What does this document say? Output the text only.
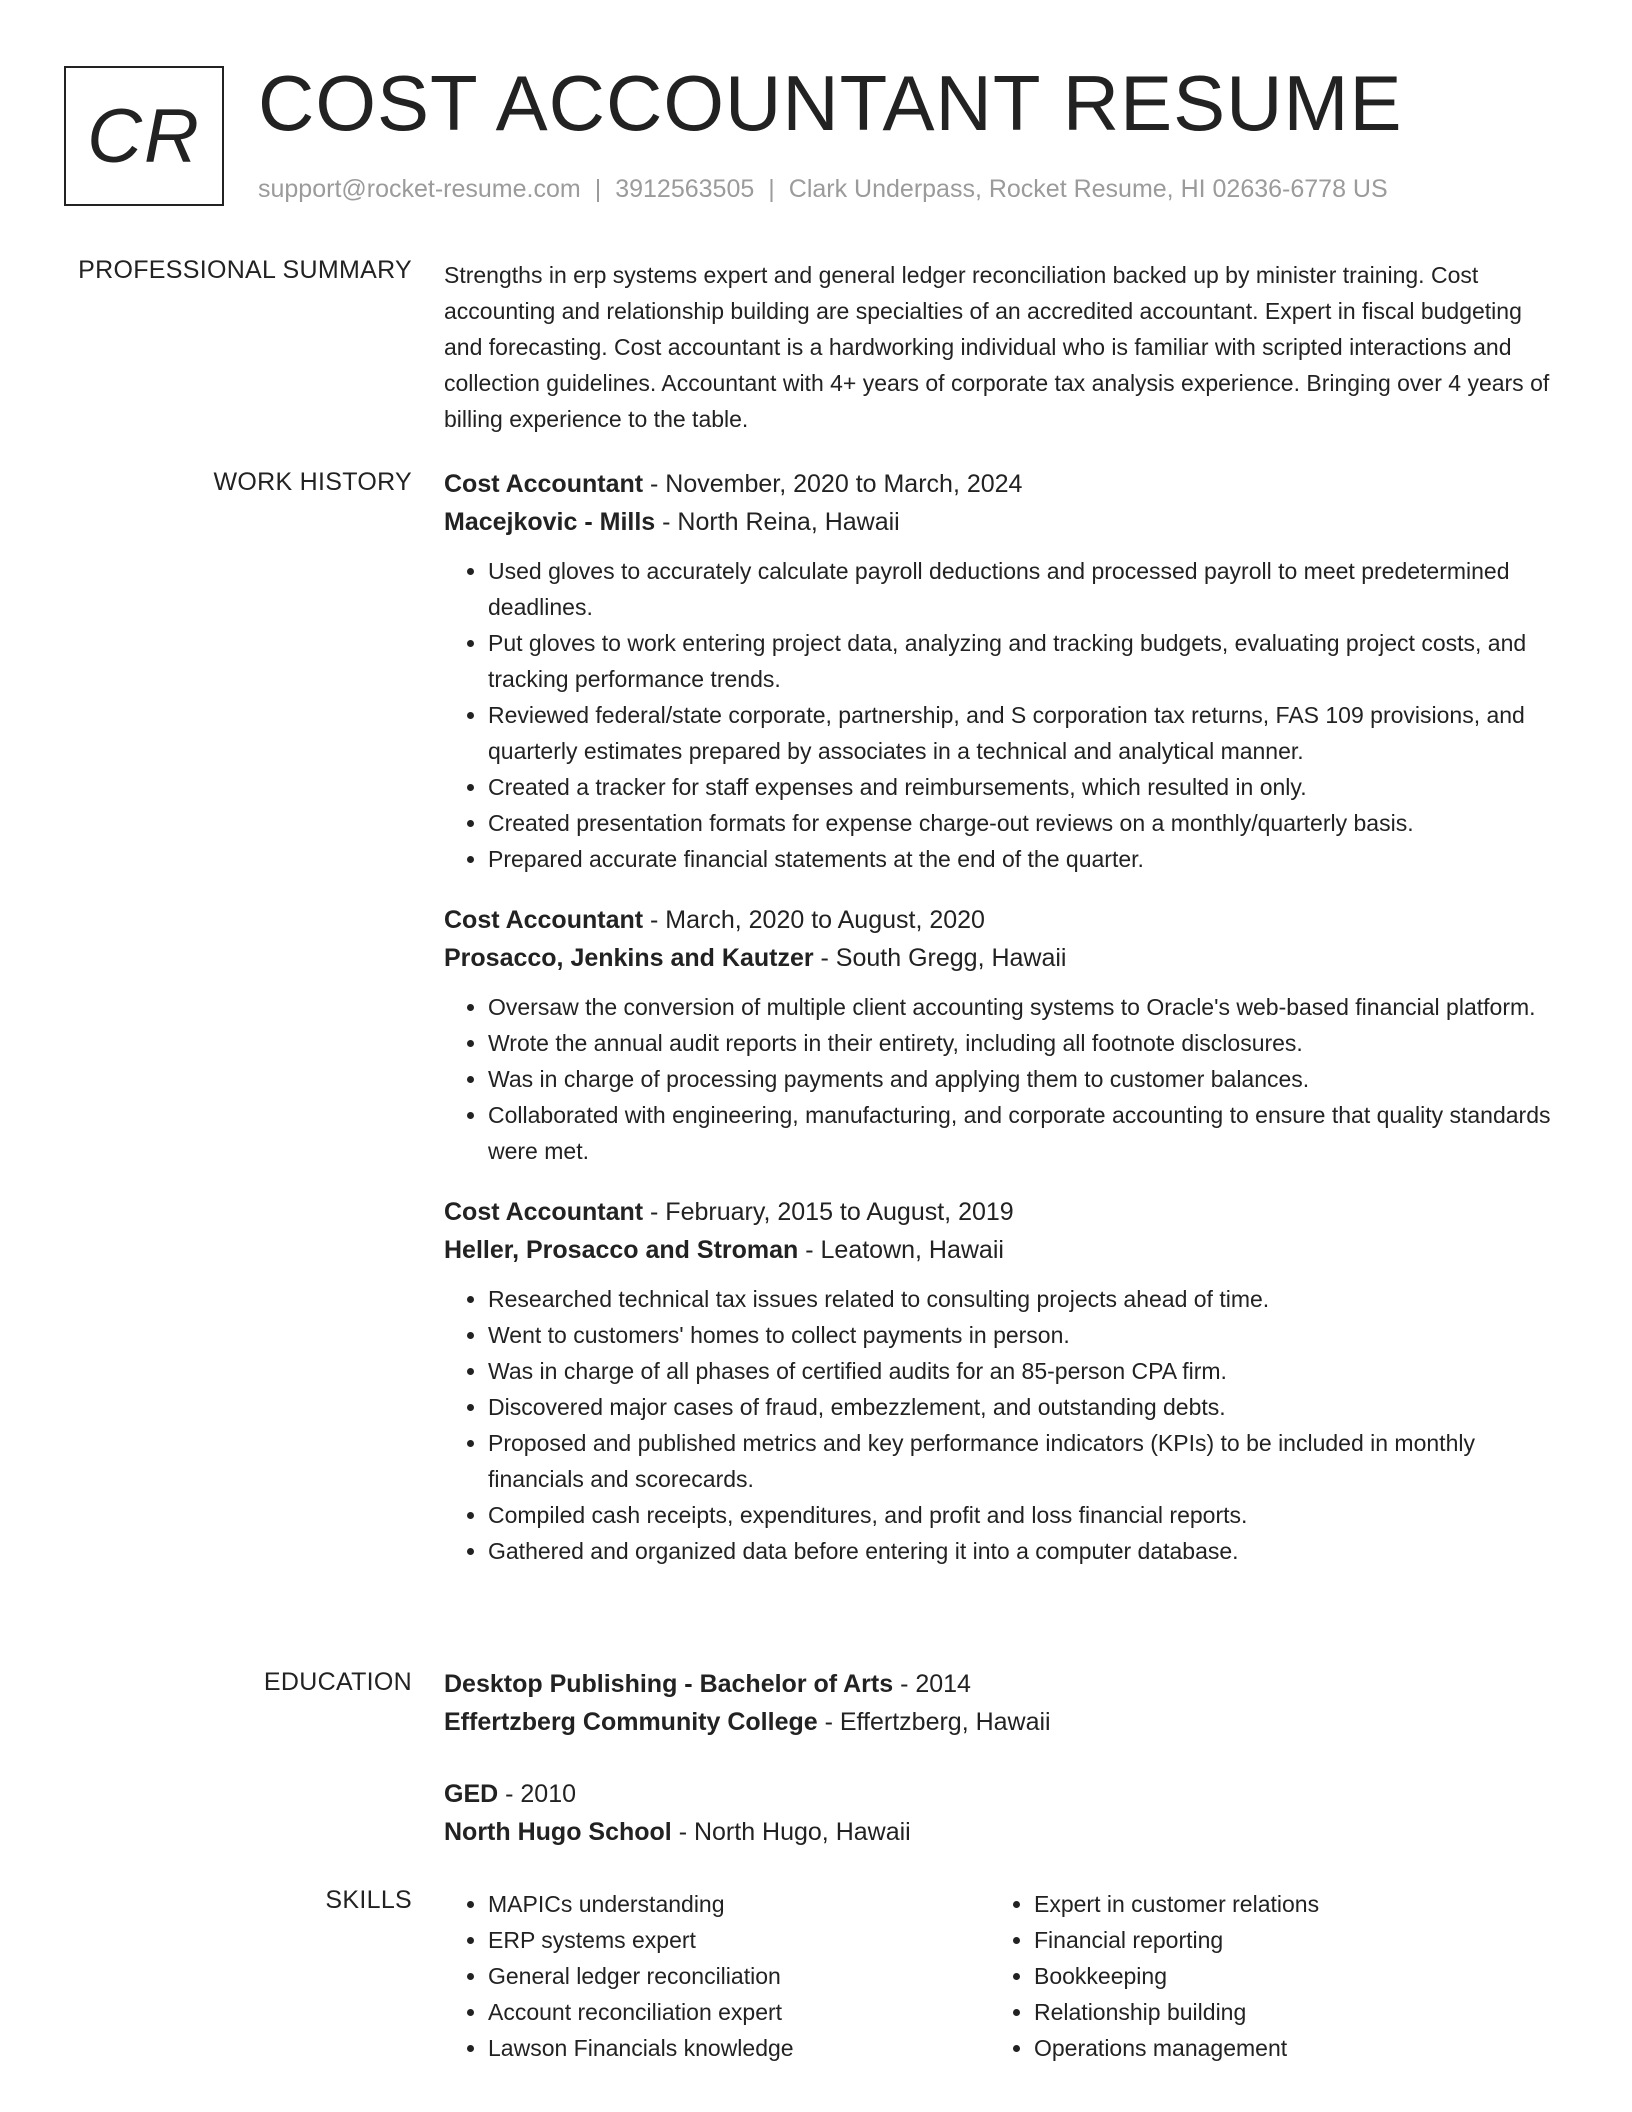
CR COST ACCOUNTANT RESUME
support@rocket-resume.com | 3912563505 | Clark Underpass, Rocket Resume, HI 02636-6778 US
PROFESSIONAL SUMMARY Strengths in erp systems expert and general ledger reconciliation backed up by minister training. Cost accounting and relationship building are specialties of an accredited accountant. Expert in fiscal budgeting and forecasting. Cost accountant is a hardworking individual who is familiar with scripted interactions and collection guidelines. Accountant with 4+ years of corporate tax analysis experience. Bringing over 4 years of billing experience to the table.

WORK HISTORY Cost Accountant - November, 2020 to March, 2024
Macejkovic - Mills - North Reina, Hawaii
• Used gloves to accurately calculate payroll deductions and processed payroll to meet predetermined deadlines.
• Put gloves to work entering project data, analyzing and tracking budgets, evaluating project costs, and tracking performance trends.
• Reviewed federal/state corporate, partnership, and S corporation tax returns, FAS 109 provisions, and quarterly estimates prepared by associates in a technical and analytical manner.
• Created a tracker for staff expenses and reimbursements, which resulted in only.
• Created presentation formats for expense charge-out reviews on a monthly/quarterly basis.
• Prepared accurate financial statements at the end of the quarter.
Cost Accountant - March, 2020 to August, 2020
Prosacco, Jenkins and Kautzer - South Gregg, Hawaii
• Oversaw the conversion of multiple client accounting systems to Oracle's web-based financial platform.
• Wrote the annual audit reports in their entirety, including all footnote disclosures.
• Was in charge of processing payments and applying them to customer balances.
• Collaborated with engineering, manufacturing, and corporate accounting to ensure that quality standards were met.
Cost Accountant - February, 2015 to August, 2019
Heller, Prosacco and Stroman - Leatown, Hawaii
• Researched technical tax issues related to consulting projects ahead of time.
• Went to customers' homes to collect payments in person.
• Was in charge of all phases of certified audits for an 85-person CPA firm.
• Discovered major cases of fraud, embezzlement, and outstanding debts.
• Proposed and published metrics and key performance indicators (KPIs) to be included in monthly financials and scorecards.
• Compiled cash receipts, expenditures, and profit and loss financial reports.
• Gathered and organized data before entering it into a computer database.
EDUCATION Desktop Publishing - Bachelor of Arts - 2014
Effertzberg Community College - Effertzberg, Hawaii
GED - 2010
North Hugo School - North Hugo, Hawaii
SKILLS
•	MAPICs understanding
• ERP systems expert
• General ledger reconciliation
• Account reconciliation expert
• Lawson Financials knowledge
• Expert in customer relations
• Financial reporting
• Bookkeeping
• Relationship building
• Operations management
